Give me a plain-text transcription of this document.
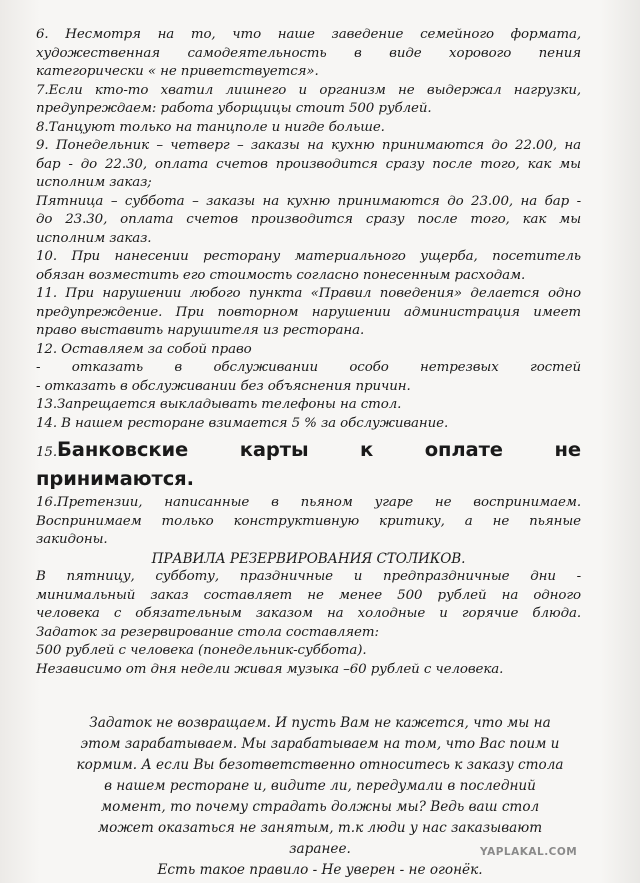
6. Несмотря на то, что наше заведение семейного формата,

художественная самодеятельность в виде хорового пения

категорически « не приветствуется».

7.Если кто-то хватил лишнего и организм не выдержал нагрузки,

предупреждаем: работа уборщицы стоит 500 рублей.

8.Танцуют только на танцполе и нигде больше.

9. Понедельник – четверг – заказы на кухню принимаются до 22.00, на

бар - до 22.30, оплата счетов производится сразу после того, как мы

исполним заказ;

Пятница – суббота – заказы на кухню принимаются до 23.00, на бар -

до 23.30, оплата счетов производится сразу после того, как мы

исполним заказ.

10. При нанесении ресторану материального ущерба, посетитель

обязан возместить его стоимость согласно понесенным расходам.

11. При нарушении любого пункта «Правил поведения» делается одно

предупреждение. При повторном нарушении администрация имеет

право выставить нарушителя из ресторана.

12. Оставляем за собой право

- отказать в обслуживании особо нетрезвых гостей

- отказать в обслуживании без объяснения причин.

13.Запрещается выкладывать телефоны на стол.

14. В нашем ресторане взимается 5 % за обслуживание.

15.Банковские	карты	к	оплате	не
принимаются.

16.Претензии, написанные в пьяном угаре не воспринимаем.

Воспринимаем только конструктивную критику, а не пьяные

закидоны.

ПРАВИЛА РЕЗЕРВИРОВАНИЯ СТОЛИКОВ.

В пятницу, субботу, праздничные и предпраздничные дни -

минимальный заказ составляет не менее 500 рублей на одного

человека с обязательным заказом на холодные и горячие блюда.

Задаток за резервирование стола составляет:

500 рублей с человека (понедельник-суббота).

Независимо от дня недели живая музыка –60 рублей с человека.

Задаток не возвращаем. И пусть Вам не кажется, что мы на

этом зарабатываем. Мы зарабатываем на том, что Вас поим и

кормим. А если Вы безответственно относитесь к заказу стола

в нашем ресторане и, видите ли, передумали в последний

момент, то почему страдать должны мы? Ведь ваш стол

может оказаться не занятым, т.к люди у нас заказывают

заранее.

Есть такое правило - Не уверен - не огонёк.

YAPLAKAL.COM
